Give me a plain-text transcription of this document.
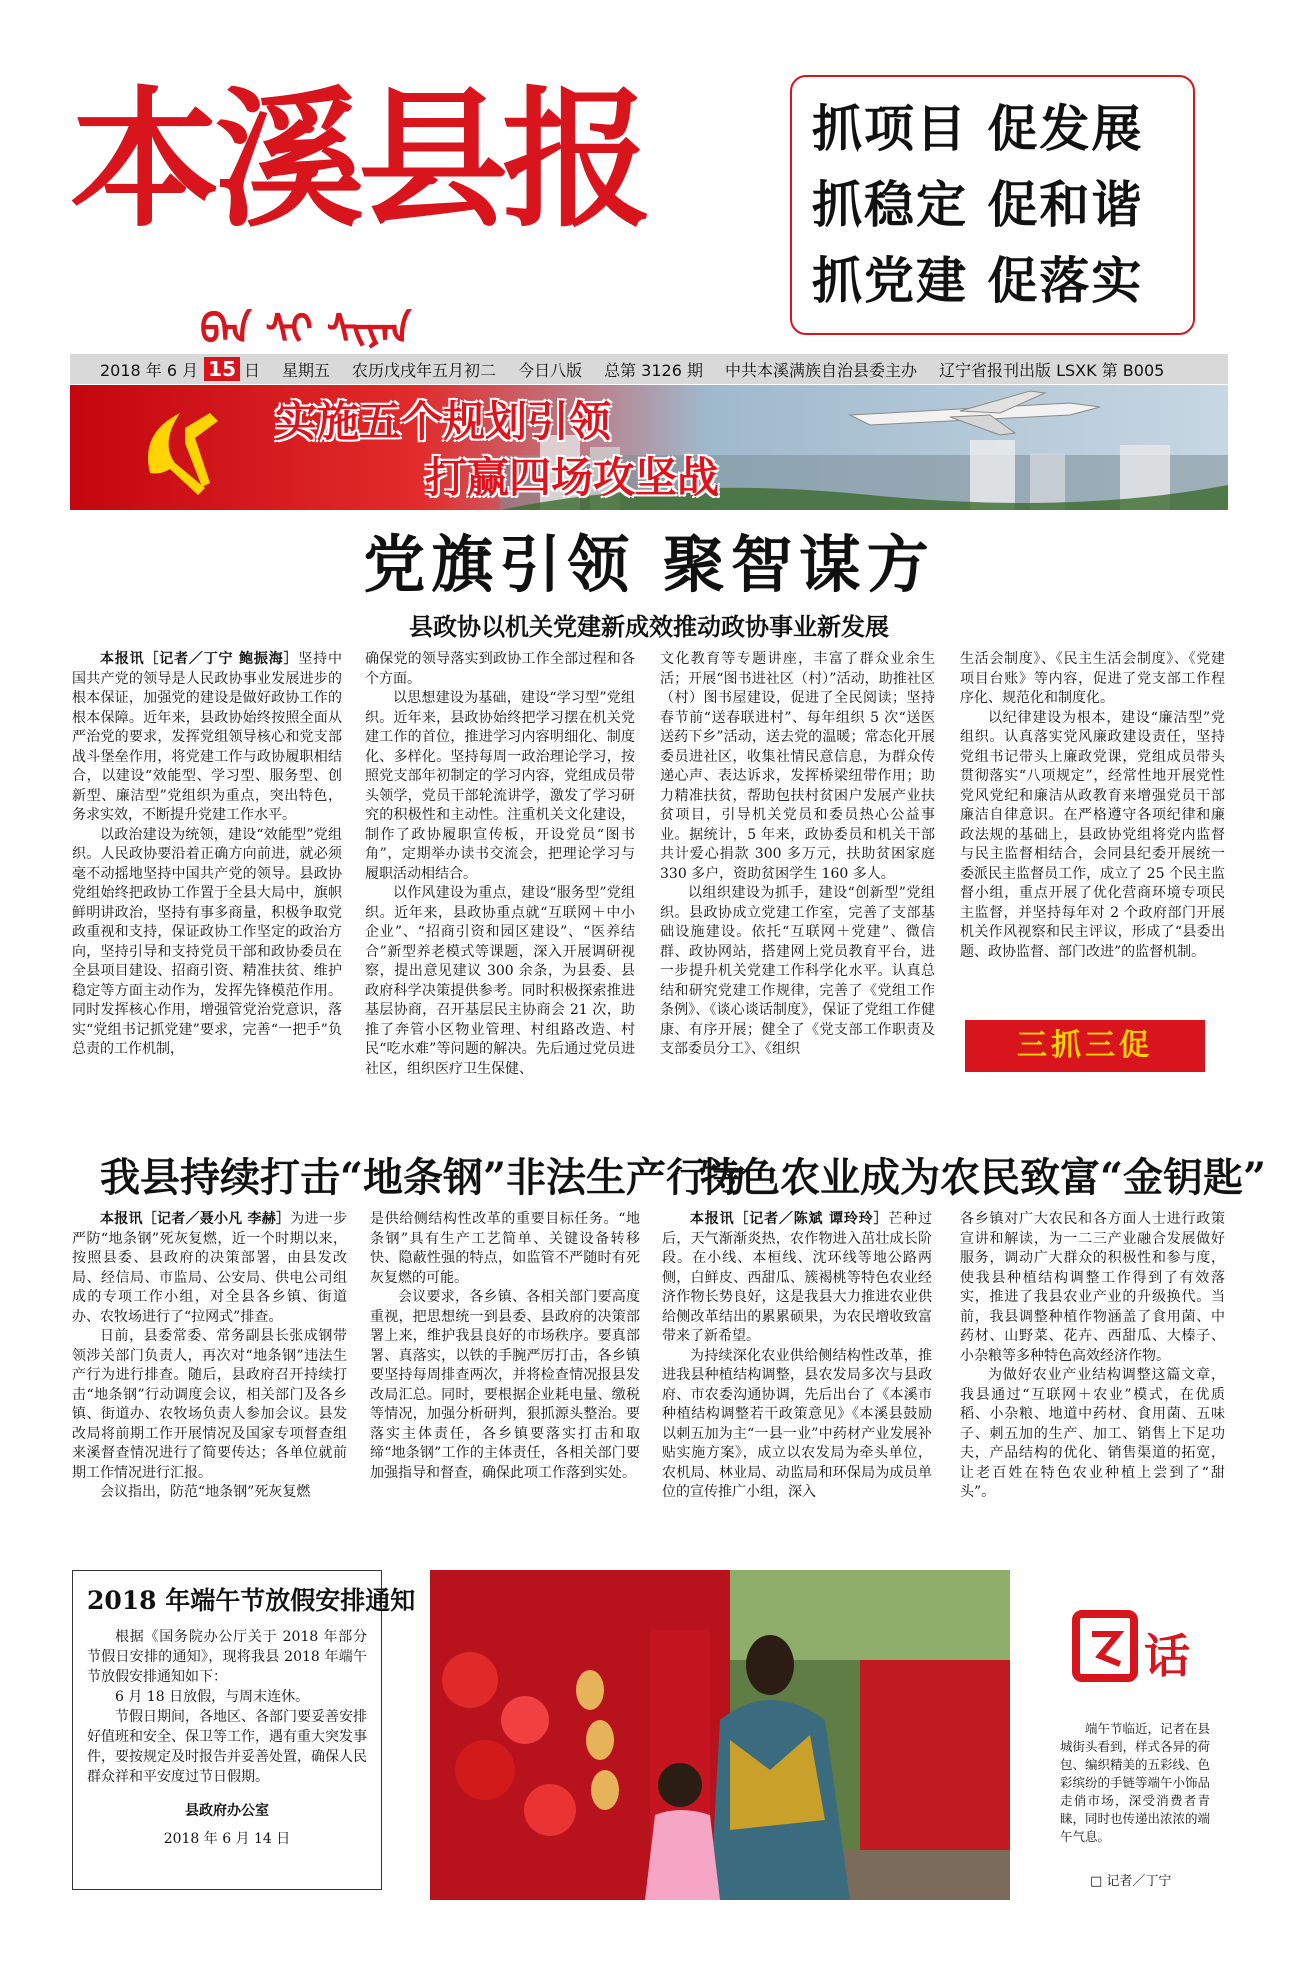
本溪县报
ᠪᠡᠨ ᠰᠢ ᠰᠢᠶᠠᠨ
抓项目 促发展
抓稳定 促和谐
抓党建 促落实
2018 年 6 月 15 日 星期五 农历戊戌年五月初二 今日八版 总第 3126 期 中共本溪满族自治县委主办 辽宁省报刊出版 LSXK 第 B005
实施五个规划引领
打赢四场攻坚战
党旗引领 聚智谋方
县政协以机关党建新成效推动政协事业新发展

本报讯［记者／丁宁 鲍振海］坚持中国共产党的领导是人民政协事业发展进步的根本保证，加强党的建设是做好政协工作的根本保障。近年来，县政协始终按照全面从严治党的要求，发挥党组领导核心和党支部战斗堡垒作用，将党建工作与政协履职相结合，以建设“效能型、学习型、服务型、创新型、廉洁型”党组织为重点，突出特色，务求实效，不断提升党建工作水平。

以政治建设为统领，建设“效能型”党组织。人民政协要沿着正确方向前进，就必须毫不动摇地坚持中国共产党的领导。县政协党组始终把政协工作置于全县大局中，旗帜鲜明讲政治，坚持有事多商量，积极争取党政重视和支持，保证政协工作坚定的政治方向，坚持引导和支持党员干部和政协委员在全县项目建设、招商引资、精准扶贫、维护稳定等方面主动作为，发挥先锋模范作用。同时发挥核心作用，增强管党治党意识，落实“党组书记抓党建”要求，完善“一把手”负总责的工作机制，

确保党的领导落实到政协工作全部过程和各个方面。

以思想建设为基础，建设“学习型”党组织。近年来，县政协始终把学习摆在机关党建工作的首位，推进学习内容明细化、制度化、多样化。坚持每周一政治理论学习，按照党支部年初制定的学习内容，党组成员带头领学，党员干部轮流讲学，激发了学习研究的积极性和主动性。注重机关文化建设，制作了政协履职宣传板，开设党员“图书角”，定期举办读书交流会，把理论学习与履职活动相结合。

以作风建设为重点，建设“服务型”党组织。近年来，县政协重点就“互联网＋中小企业”、“招商引资和园区建设”、“医养结合”新型养老模式等课题，深入开展调研视察，提出意见建议 300 余条，为县委、县政府科学决策提供参考。同时积极探索推进基层协商，召开基层民主协商会 21 次，助推了奔管小区物业管理、村组路改造、村民“吃水难”等问题的解决。先后通过党员进社区，组织医疗卫生保健、

文化教育等专题讲座，丰富了群众业余生活；开展“图书进社区（村）”活动，助推社区（村）图书屋建设，促进了全民阅读；坚持春节前“送春联进村”、每年组织 5 次“送医送药下乡”活动，送去党的温暖；常态化开展委员进社区，收集社情民意信息，为群众传递心声、表达诉求，发挥桥梁纽带作用；助力精准扶贫，帮助包扶村贫困户发展产业扶贫项目，引导机关党员和委员热心公益事业。据统计，5 年来，政协委员和机关干部共计爱心捐款 300 多万元，扶助贫困家庭 330 多户，资助贫困学生 160 多人。

以组织建设为抓手，建设“创新型”党组织。县政协成立党建工作室，完善了支部基础设施建设。依托“互联网＋党建”、微信群、政协网站，搭建网上党员教育平台，进一步提升机关党建工作科学化水平。认真总结和研究党建工作规律，完善了《党组工作条例》、《谈心谈话制度》，保证了党组工作健康、有序开展；健全了《党支部工作职责及支部委员分工》、《组织

生活会制度》、《民主生活会制度》、《党建项目台账》等内容，促进了党支部工作程序化、规范化和制度化。

以纪律建设为根本，建设“廉洁型”党组织。认真落实党风廉政建设责任，坚持党组书记带头上廉政党课，党组成员带头贯彻落实“八项规定”，经常性地开展党性党风党纪和廉洁从政教育来增强党员干部廉洁自律意识。在严格遵守各项纪律和廉政法规的基础上，县政协党组将党内监督与民主监督相结合，会同县纪委开展统一委派民主监督员工作，成立了 25 个民主监督小组，重点开展了优化营商环境专项民主监督，并坚持每年对 2 个政府部门开展机关作风视察和民主评议，形成了“县委出题、政协监督、部门改进”的监督机制。

三抓三促
我县持续打击“地条钢”非法生产行为

本报讯［记者／聂小凡 李赫］为进一步严防“地条钢”死灰复燃，近一个时期以来，按照县委、县政府的决策部署，由县发改局、经信局、市监局、公安局、供电公司组成的专项工作小组，对全县各乡镇、街道办、农牧场进行了“拉网式”排查。

日前，县委常委、常务副县长张成钢带领涉关部门负责人，再次对“地条钢”违法生产行为进行排查。随后，县政府召开持续打击“地条钢”行动调度会议，相关部门及各乡镇、街道办、农牧场负责人参加会议。县发改局将前期工作开展情况及国家专项督查组来溪督查情况进行了简要传达；各单位就前期工作情况进行汇报。

会议指出，防范“地条钢”死灰复燃

是供给侧结构性改革的重要目标任务。“地条钢”具有生产工艺简单、关键设备转移快、隐蔽性强的特点，如监管不严随时有死灰复燃的可能。

会议要求，各乡镇、各相关部门要高度重视，把思想统一到县委、县政府的决策部署上来，维护我县良好的市场秩序。要真部署、真落实，以铁的手腕严厉打击，各乡镇要坚持每周排查两次，并将检查情况报县发改局汇总。同时，要根据企业耗电量、缴税等情况，加强分析研判，狠抓源头整治。要落实主体责任，各乡镇要落实打击和取缔“地条钢”工作的主体责任，各相关部门要加强指导和督查，确保此项工作落到实处。

特色农业成为农民致富“金钥匙”

本报讯［记者／陈斌 谭玲玲］芒种过后，天气渐渐炎热，农作物进入茁壮成长阶段。在小线、本桓线、沈环线等地公路两侧，白鲜皮、西甜瓜、簇褐桃等特色农业经济作物长势良好，这是我县大力推进农业供给侧改革结出的累累硕果，为农民增收致富带来了新希望。

为持续深化农业供给侧结构性改革，推进我县种植结构调整，县农发局多次与县政府、市农委沟通协调，先后出台了《本溪市种植结构调整若干政策意见》《本溪县鼓励以刺五加为主“一县一业”中药材产业发展补贴实施方案》，成立以农发局为牵头单位，农机局、林业局、动监局和环保局为成员单位的宣传推广小组，深入

各乡镇对广大农民和各方面人士进行政策宣讲和解读，为一二三产业融合发展做好服务，调动广大群众的积极性和参与度，使我县种植结构调整工作得到了有效落实，推进了我县农业产业的升级换代。当前，我县调整种植作物涵盖了食用菌、中药材、山野菜、花卉、西甜瓜、大榛子、小杂粮等多种特色高效经济作物。

为做好农业产业结构调整这篇文章，我县通过“互联网＋农业”模式，在优质稻、小杂粮、地道中药材、食用菌、五味子、刺五加的生产、加工、销售上下足功夫，产品结构的优化、销售渠道的拓宽，让老百姓在特色农业种植上尝到了“甜头”。

2018 年端午节放假安排通知

根据《国务院办公厅关于 2018 年部分节假日安排的通知》，现将我县 2018 年端午节放假安排通知如下：

6 月 18 日放假，与周末连休。

节假日期间，各地区、各部门要妥善安排好值班和安全、保卫等工作，遇有重大突发事件，要按规定及时报告并妥善处置，确保人民群众祥和平安度过节日假期。

县政府办公室

2018 年 6 月 14 日

话
端午节临近，记者在县城街头看到，样式各异的荷包、编织精美的五彩线、色彩缤纷的手链等端午小饰品走俏市场，深受消费者青睐，同时也传递出浓浓的端午气息。
□ 记者／丁宁
